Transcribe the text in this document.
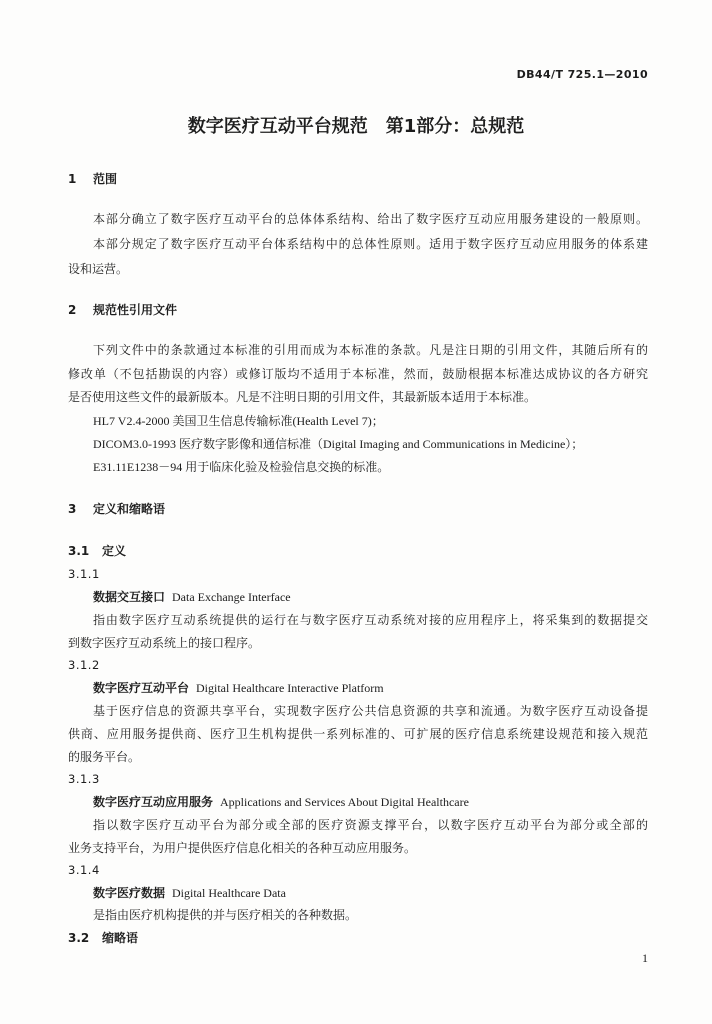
DB44/T 725.1—2010
数字医疗互动平台规范　第1部分：总规范
1 范围
本部分确立了数字医疗互动平台的总体体系结构、给出了数字医疗互动应用服务建设的一般原则。
本部分规定了数字医疗互动平台体系结构中的总体性原则。适用于数字医疗互动应用服务的体系建
设和运营。
2 规范性引用文件
下列文件中的条款通过本标准的引用而成为本标准的条款。凡是注日期的引用文件，其随后所有的
修改单（不包括勘误的内容）或修订版均不适用于本标准，然而，鼓励根据本标准达成协议的各方研究
是否使用这些文件的最新版本。凡是不注明日期的引用文件，其最新版本适用于本标准。
HL7 V2.4-2000 美国卫生信息传输标准(Health Level 7)；
DICOM3.0-1993 医疗数字影像和通信标准（Digital Imaging and Communications in Medicine）；
E31.11E1238－94 用于临床化验及检验信息交换的标准。
3 定义和缩略语
3.1 定义
3.1.1
数据交互接口 Data Exchange Interface
指由数字医疗互动系统提供的运行在与数字医疗互动系统对接的应用程序上，将采集到的数据提交
到数字医疗互动系统上的接口程序。
3.1.2
数字医疗互动平台 Digital Healthcare Interactive Platform
基于医疗信息的资源共享平台，实现数字医疗公共信息资源的共享和流通。为数字医疗互动设备提
供商、应用服务提供商、医疗卫生机构提供一系列标准的、可扩展的医疗信息系统建设规范和接入规范
的服务平台。
3.1.3
数字医疗互动应用服务 Applications and Services About Digital Healthcare
指以数字医疗互动平台为部分或全部的医疗资源支撑平台，以数字医疗互动平台为部分或全部的
业务支持平台，为用户提供医疗信息化相关的各种互动应用服务。
3.1.4
数字医疗数据 Digital Healthcare Data
是指由医疗机构提供的并与医疗相关的各种数据。
3.2 缩略语
1
